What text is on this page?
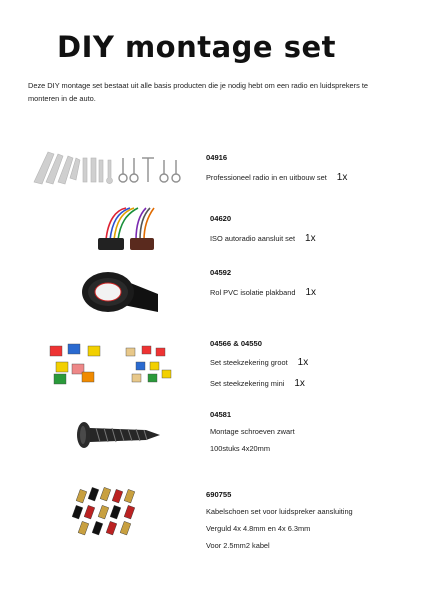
DIY montage set
Deze DIY montage set bestaat uit alle basis producten die je nodig hebt om een radio en luidsprekers te monteren in de auto.
04916
Professioneel radio in en uitbouw set 1x
04620
ISO autoradio aansluit set 1x
04592
Rol PVC isolatie plakband 1x
04566 & 04550
Set steekzekering groot 1x
Set steekzekering mini 1x
04581
Montage schroeven zwart
100stuks 4x20mm
690755
Kabelschoen set voor luidspreker aansluiting
Verguld 4x 4.8mm en 4x 6.3mm
Voor 2.5mm2 kabel
